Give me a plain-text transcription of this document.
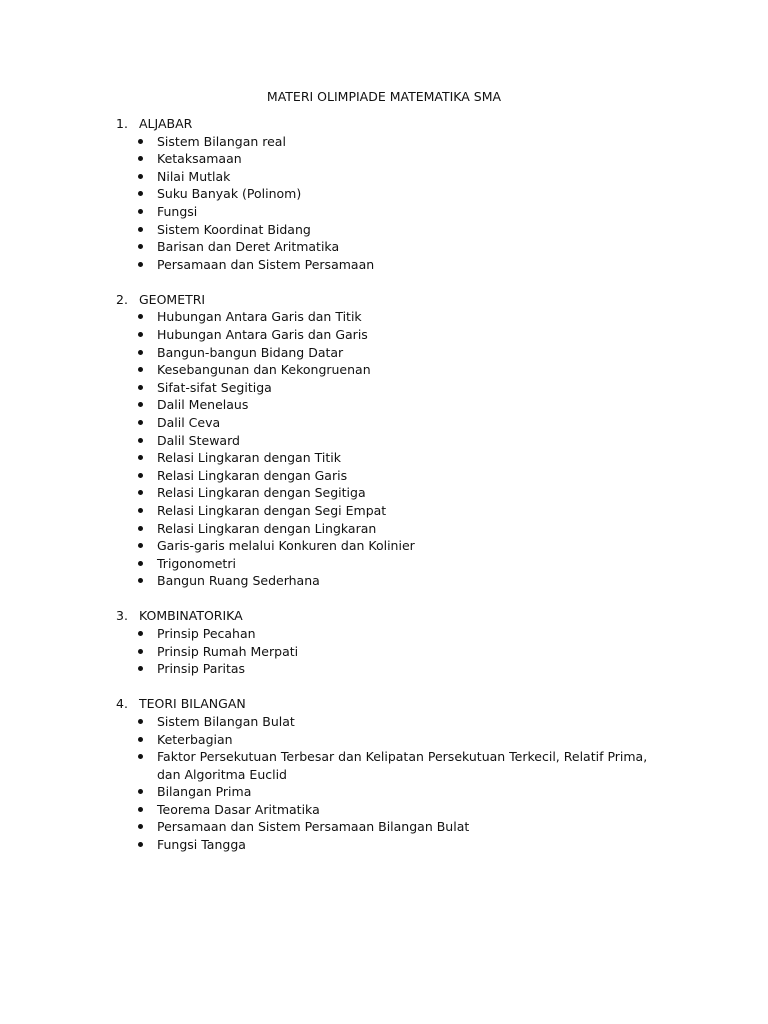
MATERI OLIMPIADE MATEMATIKA SMA
1. ALJABAR
Sistem Bilangan real
Ketaksamaan
Nilai Mutlak
Suku Banyak (Polinom)
Fungsi
Sistem Koordinat Bidang
Barisan dan Deret Aritmatika
Persamaan dan Sistem Persamaan
2. GEOMETRI
Hubungan Antara Garis dan Titik
Hubungan Antara Garis dan Garis
Bangun-bangun Bidang Datar
Kesebangunan dan Kekongruenan
Sifat-sifat Segitiga
Dalil Menelaus
Dalil Ceva
Dalil Steward
Relasi Lingkaran dengan Titik
Relasi Lingkaran dengan Garis
Relasi Lingkaran dengan Segitiga
Relasi Lingkaran dengan Segi Empat
Relasi Lingkaran dengan Lingkaran
Garis-garis melalui Konkuren dan Kolinier
Trigonometri
Bangun Ruang Sederhana
3. KOMBINATORIKA
Prinsip Pecahan
Prinsip Rumah Merpati
Prinsip Paritas
4. TEORI BILANGAN
Sistem Bilangan Bulat
Keterbagian
Faktor Persekutuan Terbesar dan Kelipatan Persekutuan Terkecil, Relatif Prima, dan Algoritma Euclid
Bilangan Prima
Teorema Dasar Aritmatika
Persamaan dan Sistem Persamaan Bilangan Bulat
Fungsi Tangga
